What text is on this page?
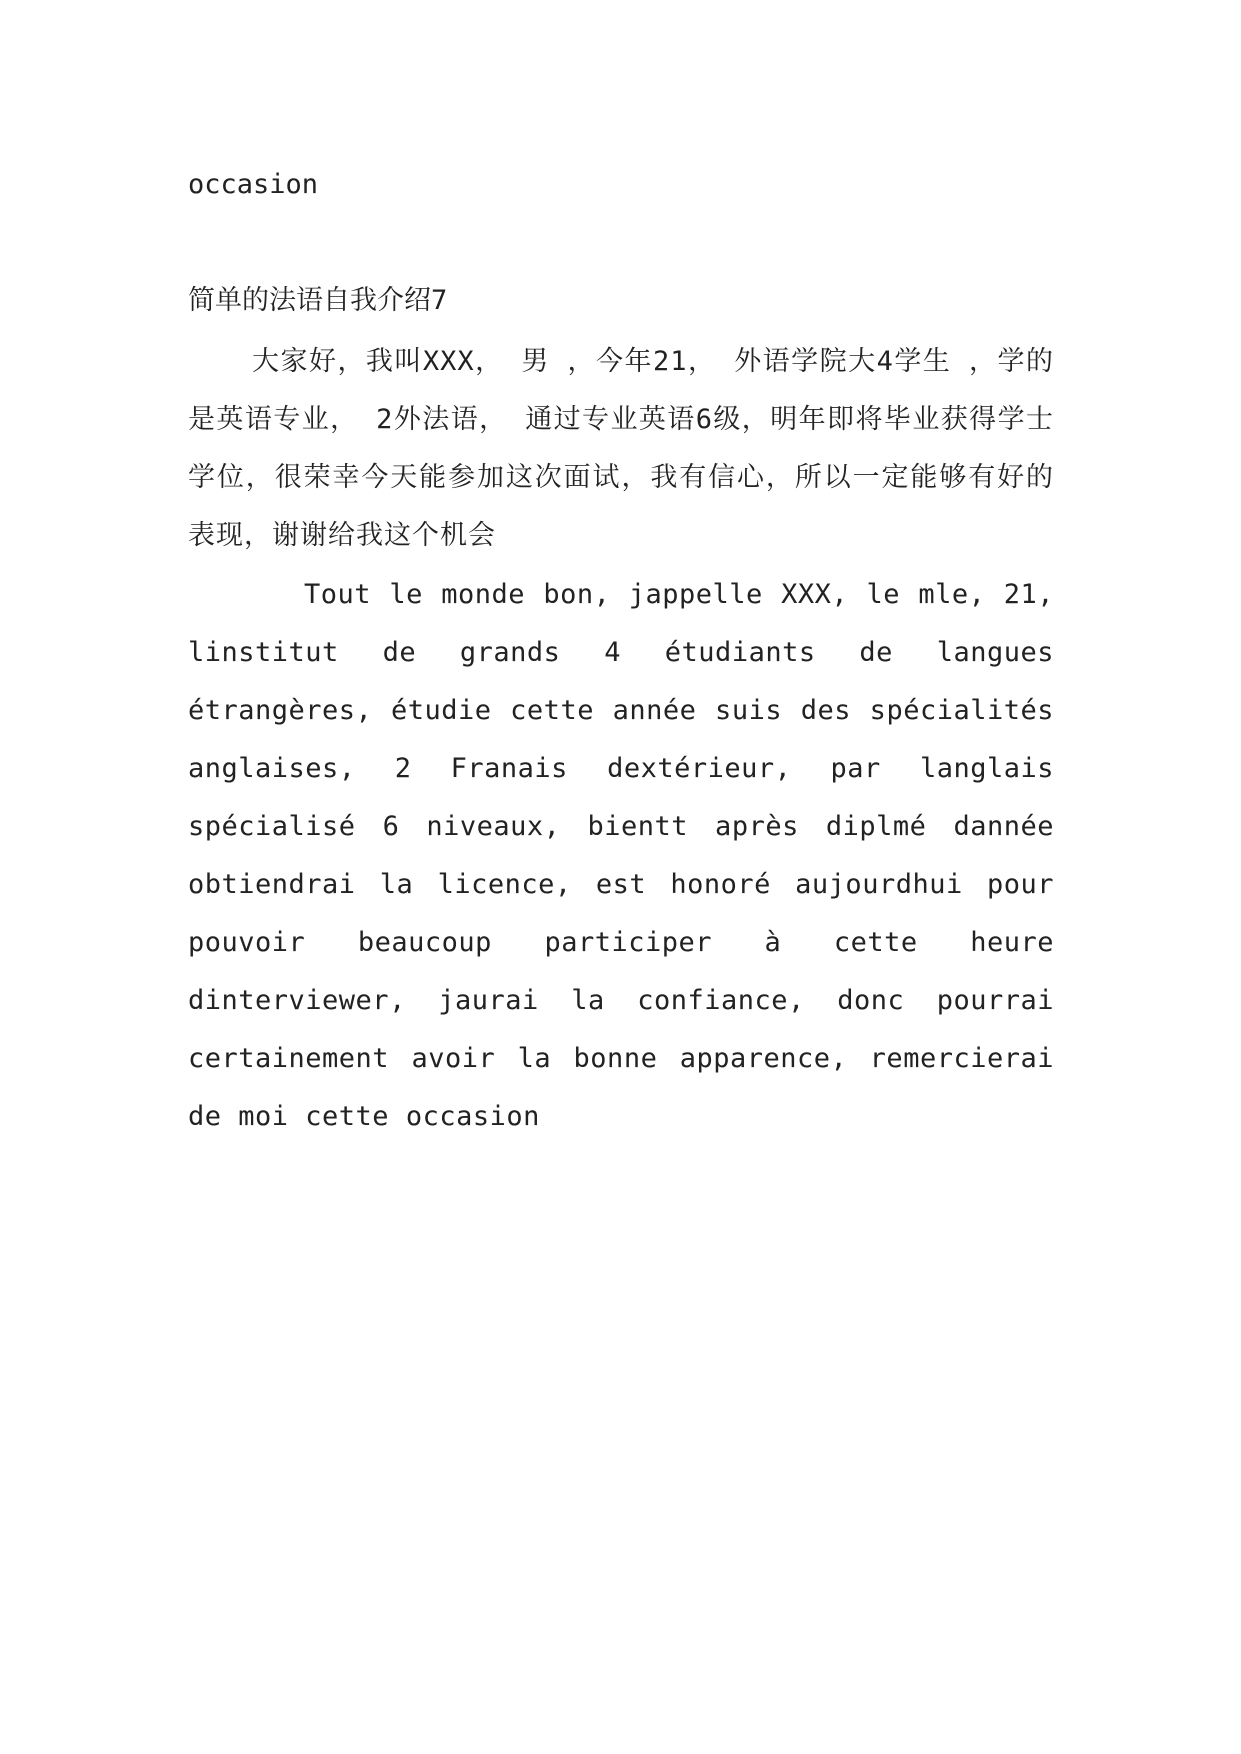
occasion

简单的法语自我介绍7

大家好，我叫XXX， 男 ，今年21， 外语学院大4学生 ，学的是英语专业， 2外法语， 通过专业英语6级，明年即将毕业获得学士学位，很荣幸今天能参加这次面试，我有信心，所以一定能够有好的表现，谢谢给我这个机会

Tout le monde bon, jappelle XXX, le mle, 21, linstitut de grands 4 étudiants de langues étrangères, étudie cette année suis des spécialités anglaises, 2 Franais dextérieur, par langlais spécialisé 6 niveaux, bientt après diplmé dannée obtiendrai la licence, est honoré aujourdhui pour pouvoir beaucoup participer à cette heure dinterviewer, jaurai la confiance, donc pourrai certainement avoir la bonne apparence, remercierai de moi cette occasion
